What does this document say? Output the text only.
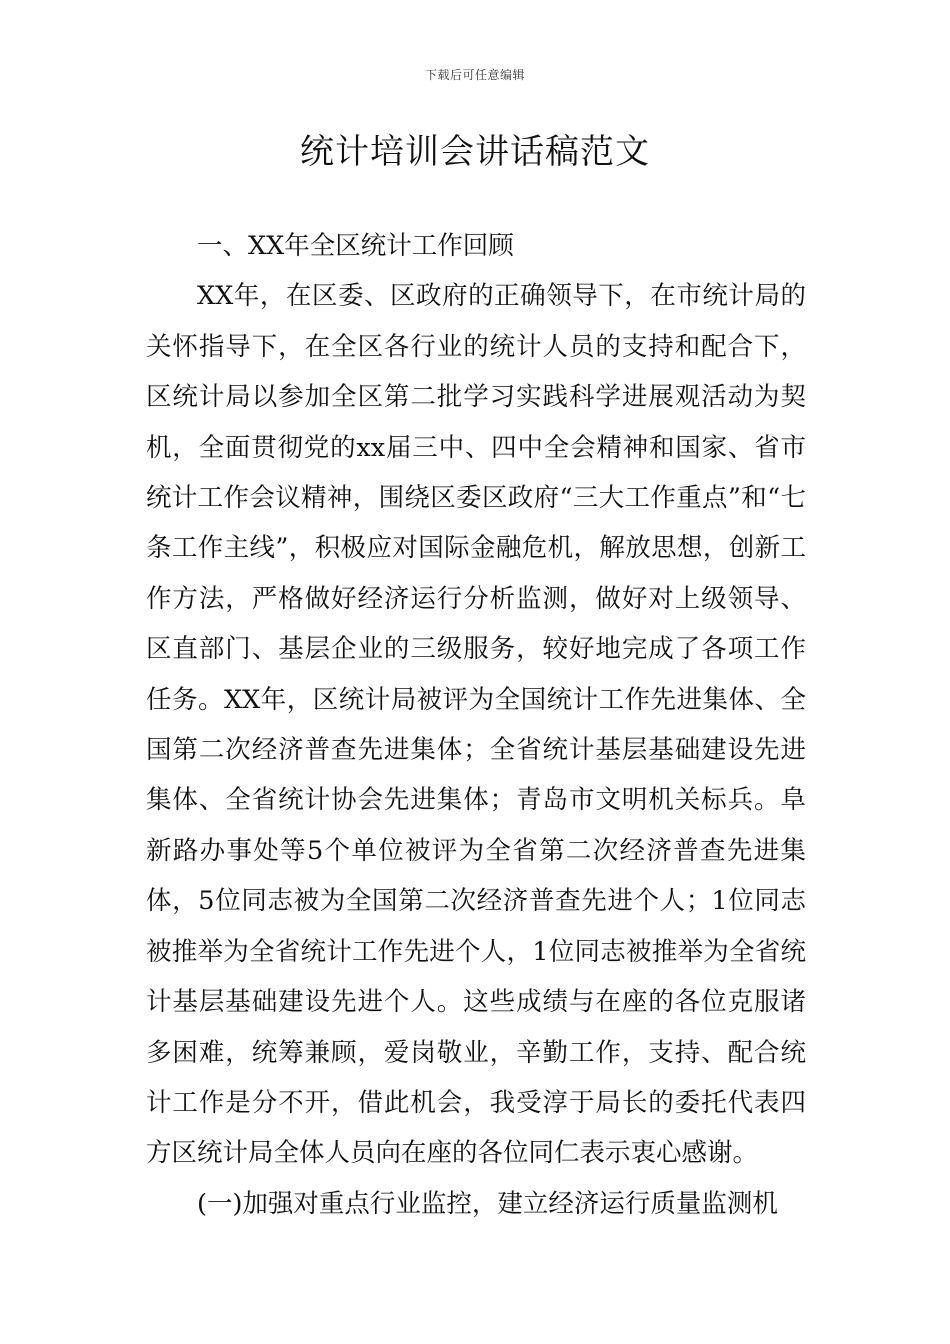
下载后可任意编辑
统计培训会讲话稿范文

一、XX年全区统计工作回顾

XX年，在区委、区政府的正确领导下，在市统计局的关怀指导下，在全区各行业的统计人员的支持和配合下，区统计局以参加全区第二批学习实践科学进展观活动为契机，全面贯彻党的xx届三中、四中全会精神和国家、省市统计工作会议精神，围绕区委区政府“三大工作重点”和“七条工作主线”，积极应对国际金融危机，解放思想，创新工作方法，严格做好经济运行分析监测，做好对上级领导、区直部门、基层企业的三级服务，较好地完成了各项工作任务。XX年，区统计局被评为全国统计工作先进集体、全国第二次经济普查先进集体；全省统计基层基础建设先进集体、全省统计协会先进集体；青岛市文明机关标兵。阜新路办事处等5个单位被评为全省第二次经济普查先进集体，5位同志被为全国第二次经济普查先进个人；1位同志被推举为全省统计工作先进个人，1位同志被推举为全省统计基层基础建设先进个人。这些成绩与在座的各位克服诸多困难，统筹兼顾，爱岗敬业，辛勤工作，支持、配合统计工作是分不开，借此机会，我受淳于局长的委托代表四方区统计局全体人员向在座的各位同仁表示衷心感谢。

(一)加强对重点行业监控，建立经济运行质量监测机
